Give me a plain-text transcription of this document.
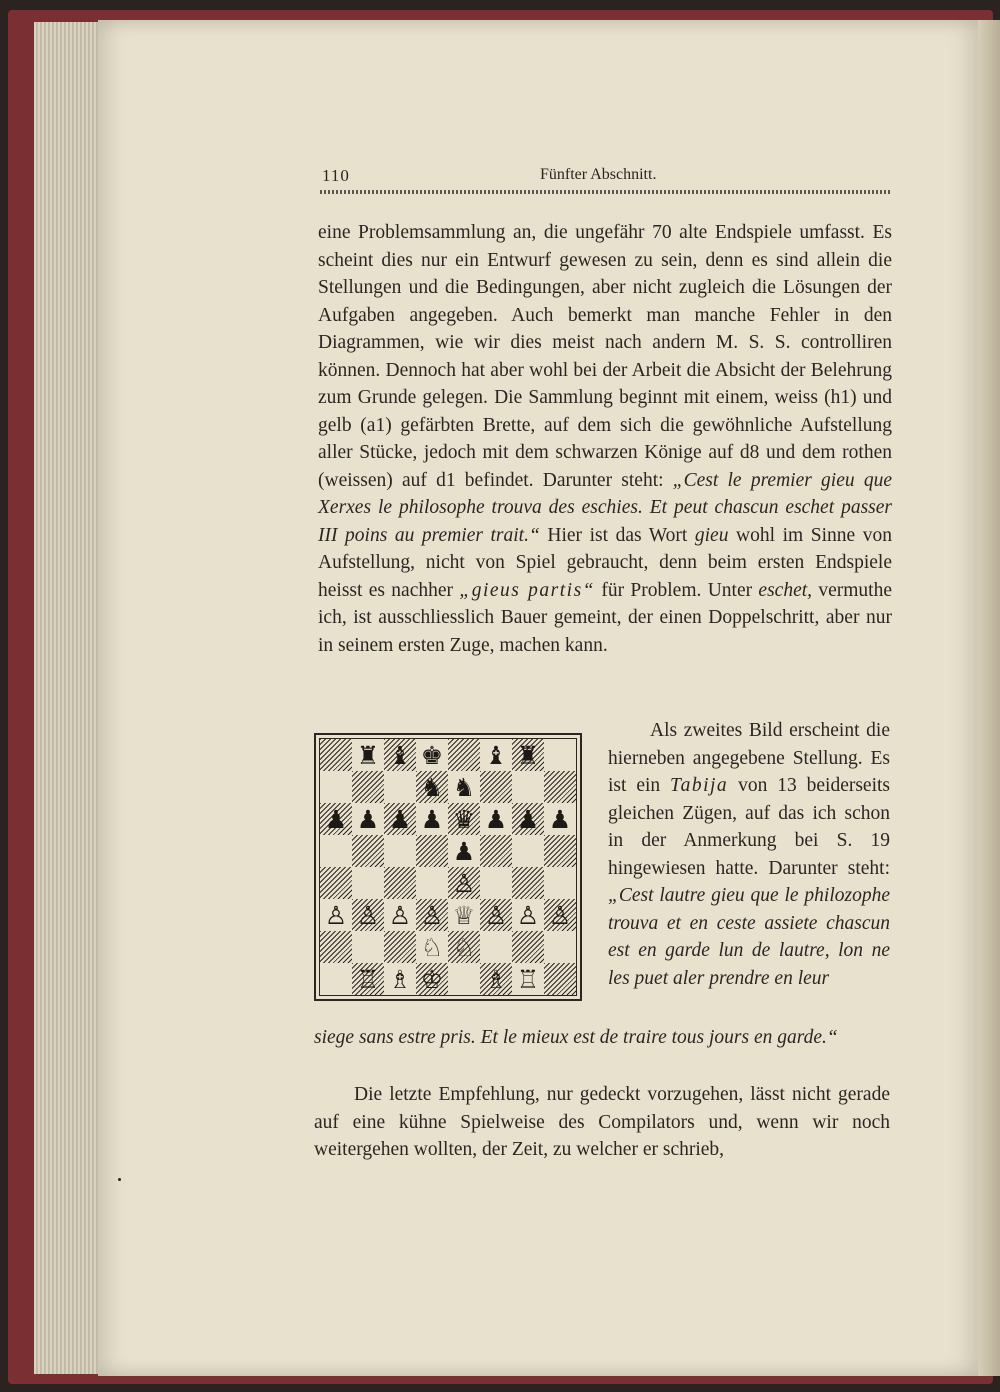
110	Fünfter Abschnitt.

eine Problemsammlung an, die ungefähr 70 alte Endspiele umfasst. Es scheint dies nur ein Entwurf gewesen zu sein, denn es sind allein die Stellungen und die Bedingungen, aber nicht zugleich die Lösungen der Aufgaben angegeben. Auch bemerkt man manche Fehler in den Diagrammen, wie wir dies meist nach andern M. S. S. controlliren können. Dennoch hat aber wohl bei der Arbeit die Absicht der Belehrung zum Grunde gelegen. Die Sammlung beginnt mit einem, weiss (h1) und gelb (a1) gefärbten Brette, auf dem sich die gewöhnliche Aufstellung aller Stücke, jedoch mit dem schwarzen Könige auf d8 und dem rothen (weissen) auf d1 befindet. Darunter steht: „Cest le premier gieu que Xerxes le philosophe trouva des eschies. Et peut chascun eschet passer III poins au premier trait.“ Hier ist das Wort gieu wohl im Sinne von Aufstellung, nicht von Spiel gebraucht, denn beim ersten Endspiele heisst es nachher „gieus partis“ für Problem. Unter eschet, vermuthe ich, ist ausschliesslich Bauer gemeint, der einen Doppelschritt, aber nur in seinem ersten Zuge, machen kann.

♜ ♝ ♚ ♝ ♜
♞ ♞
♟ ♟ ♟ ♟ ♛ ♟ ♟ ♟
♟
♙
♙ ♙ ♙ ♙ ♕ ♙ ♙ ♙
♘ ♘
♖ ♗ ♔ ♗ ♖

Als zweites Bild erscheint die hierneben angegebene Stellung. Es ist ein Tabija von 13 beiderseits gleichen Zügen, auf das ich schon in der Anmerkung bei S. 19 hingewiesen hatte. Darunter steht: „Cest lautre gieu que le philozophe trouva et en ceste assiete chascun est en garde lun de lautre, lon ne les puet aler prendre en leur

siege sans estre pris. Et le mieux est de traire tous jours en garde.“

Die letzte Empfehlung, nur gedeckt vorzugehen, lässt nicht gerade auf eine kühne Spielweise des Compilators und, wenn wir noch weitergehen wollten, der Zeit, zu welcher er schrieb,
